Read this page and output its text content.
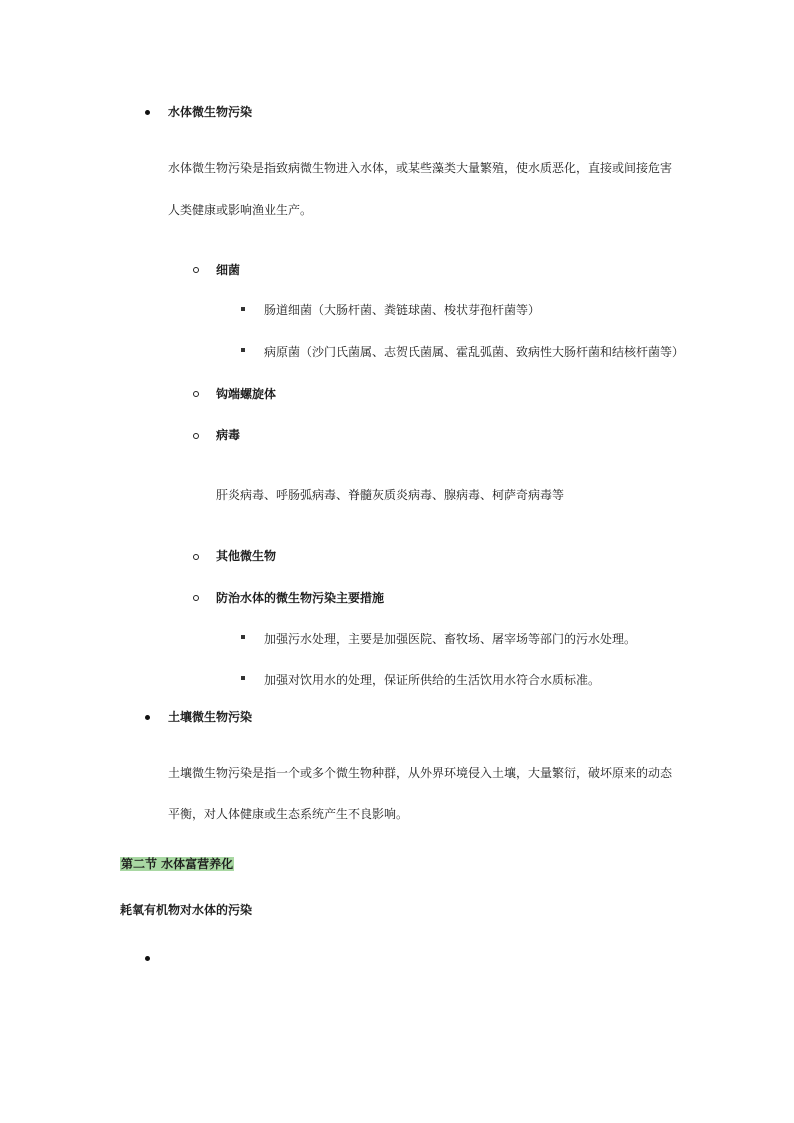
水体微生物污染
水体微生物污染是指致病微生物进入水体，或某些藻类大量繁殖，使水质恶化，直接或间接危害
人类健康或影响渔业生产。
细菌
肠道细菌（大肠杆菌、粪链球菌、梭状芽孢杆菌等）
病原菌（沙门氏菌属、志贺氏菌属、霍乱弧菌、致病性大肠杆菌和结核杆菌等）
钩端螺旋体
病毒
肝炎病毒、呼肠弧病毒、脊髓灰质炎病毒、腺病毒、柯萨奇病毒等
其他微生物
防治水体的微生物污染主要措施
加强污水处理，主要是加强医院、畜牧场、屠宰场等部门的污水处理。
加强对饮用水的处理，保证所供给的生活饮用水符合水质标准。
土壤微生物污染
土壤微生物污染是指一个或多个微生物种群，从外界环境侵入土壤，大量繁衍，破坏原来的动态
平衡，对人体健康或生态系统产生不良影响。
第二节 水体富营养化
耗氧有机物对水体的污染
